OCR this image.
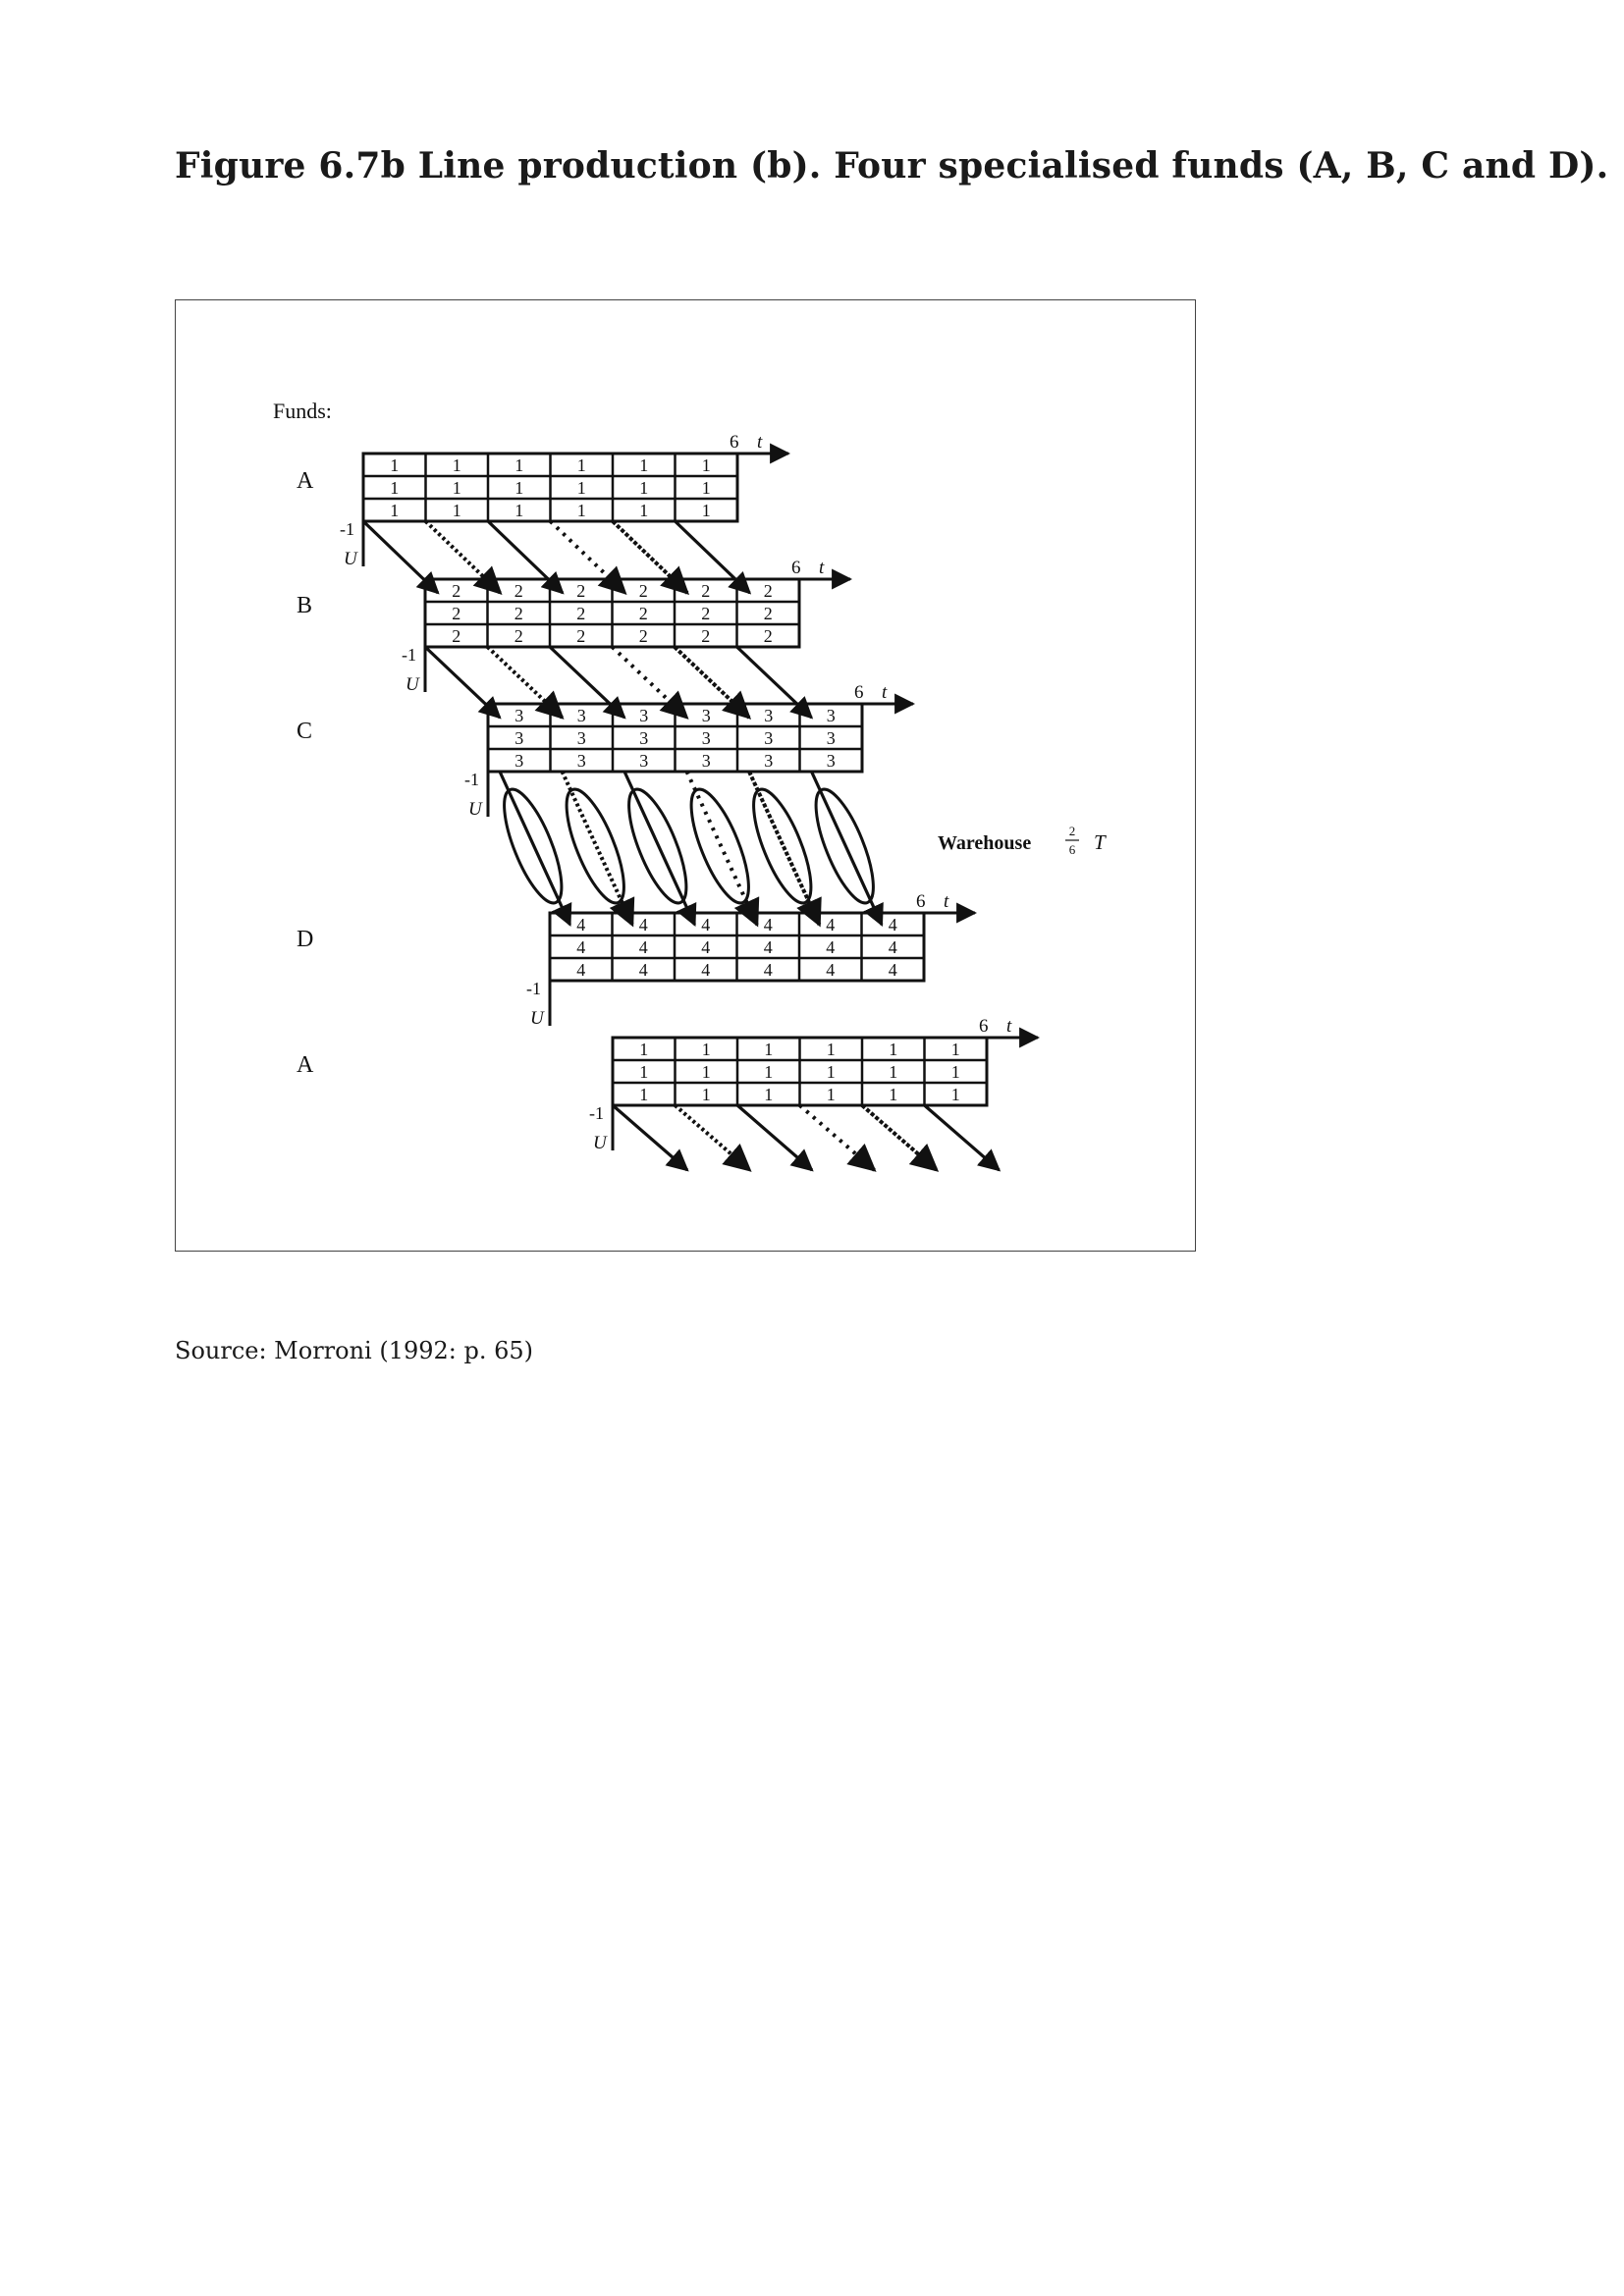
Figure 6.7b Line production (b). Four specialised funds (A, B, C and D).
Funds:
A
1	1	1	1	1	1
1	1	1	1	1	1
1	1	1	1	1	1
6 t
-1
U
B
2	2	2	2	2	2
2	2	2	2	2	2
2	2	2	2	2	2
6 t
-1
U
C
3	3	3	3	3	3
3	3	3	3	3	3
3	3	3	3	3	3
6 t
-1
U
D
4	4	4	4	4	4
4	4	4	4	4	4
4	4	4	4	4	4
6 t
-1
U
A
1	1	1	1	1	1
1	1	1	1	1	1
1	1	1	1	1	1
6 t
-1
U
Warehouse
2
6 T
Source: Morroni (1992: p. 65)
